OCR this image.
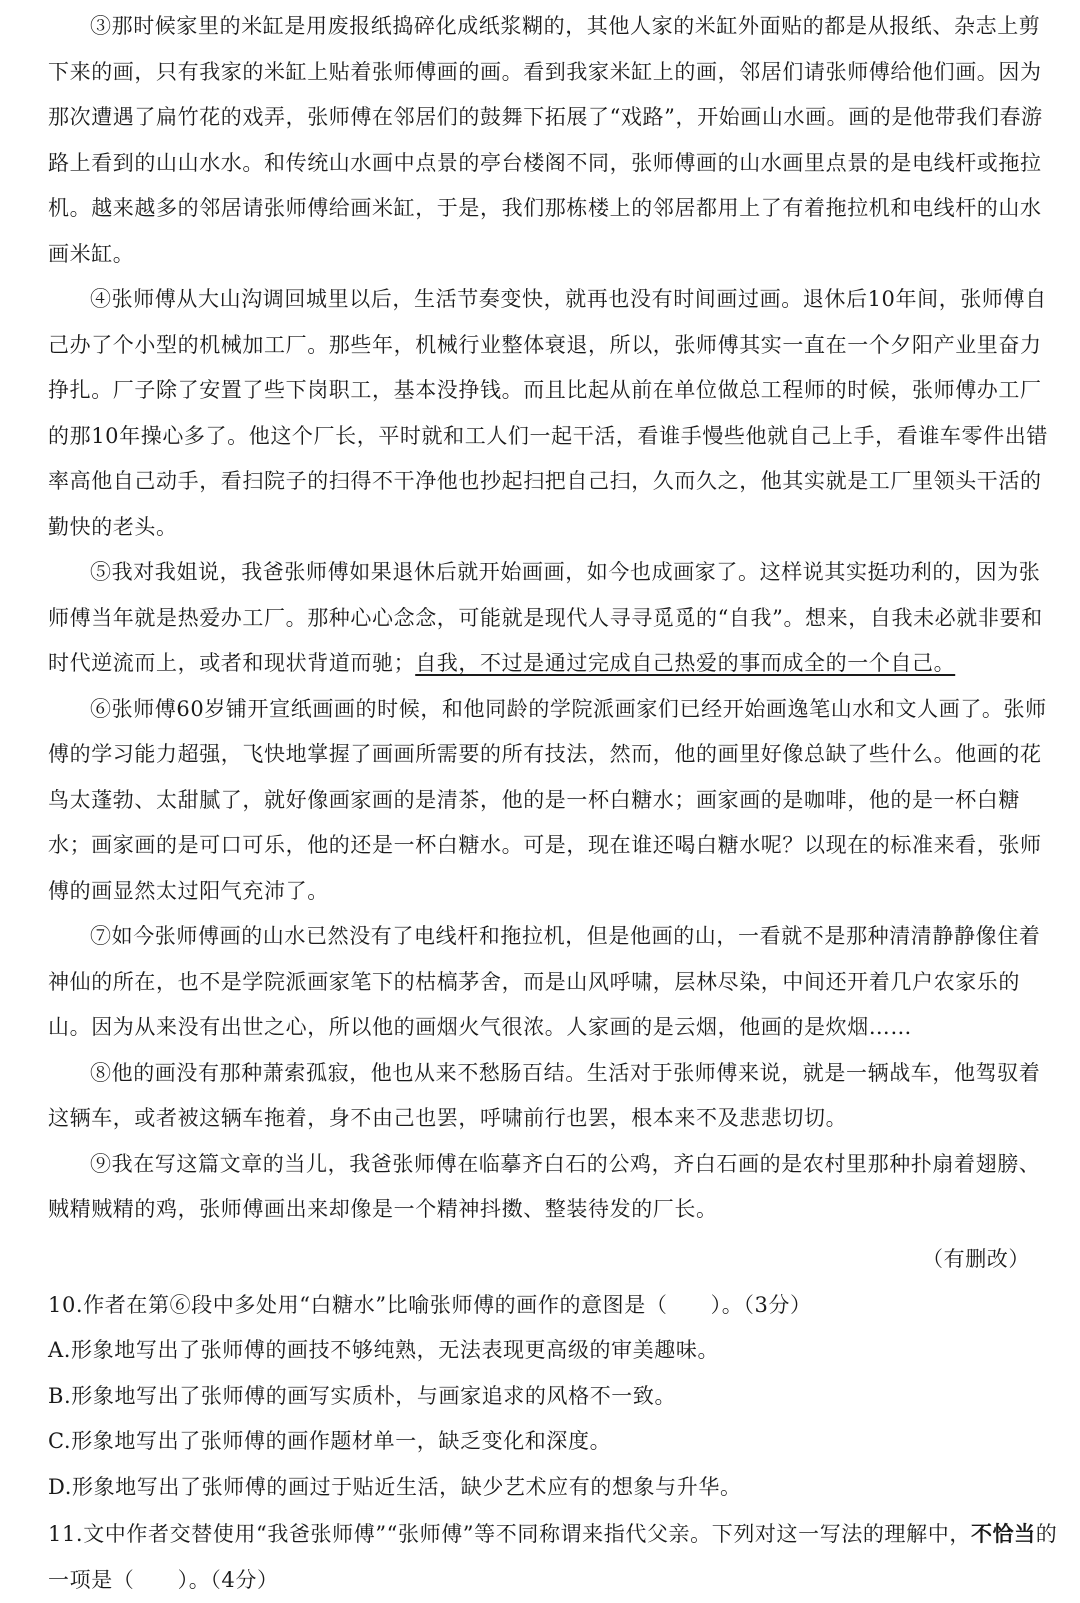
③那时候家里的米缸是用废报纸捣碎化成纸浆糊的，其他人家的米缸外面贴的都是从报纸、杂志上剪下来的画，只有我家的米缸上贴着张师傅画的画。看到我家米缸上的画，邻居们请张师傅给他们画。因为那次遭遇了扁竹花的戏弄，张师傅在邻居们的鼓舞下拓展了“戏路”，开始画山水画。画的是他带我们春游路上看到的山山水水。和传统山水画中点景的亭台楼阁不同，张师傅画的山水画里点景的是电线杆或拖拉机。越来越多的邻居请张师傅给画米缸，于是，我们那栋楼上的邻居都用上了有着拖拉机和电线杆的山水画米缸。

④张师傅从大山沟调回城里以后，生活节奏变快，就再也没有时间画过画。退休后10年间，张师傅自己办了个小型的机械加工厂。那些年，机械行业整体衰退，所以，张师傅其实一直在一个夕阳产业里奋力挣扎。厂子除了安置了些下岗职工，基本没挣钱。而且比起从前在单位做总工程师的时候，张师傅办工厂的那10年操心多了。他这个厂长，平时就和工人们一起干活，看谁手慢些他就自己上手，看谁车零件出错率高他自己动手，看扫院子的扫得不干净他也抄起扫把自己扫，久而久之，他其实就是工厂里领头干活的勤快的老头。

⑤我对我姐说，我爸张师傅如果退休后就开始画画，如今也成画家了。这样说其实挺功利的，因为张师傅当年就是热爱办工厂。那种心心念念，可能就是现代人寻寻觅觅的“自我”。想来，自我未必就非要和时代逆流而上，或者和现状背道而驰；自我，不过是通过完成自己热爱的事而成全的一个自己。

⑥张师傅60岁铺开宣纸画画的时候，和他同龄的学院派画家们已经开始画逸笔山水和文人画了。张师傅的学习能力超强，飞快地掌握了画画所需要的所有技法，然而，他的画里好像总缺了些什么。他画的花鸟太蓬勃、太甜腻了，就好像画家画的是清茶，他的是一杯白糖水；画家画的是咖啡，他的是一杯白糖水；画家画的是可口可乐，他的还是一杯白糖水。可是，现在谁还喝白糖水呢？以现在的标准来看，张师傅的画显然太过阳气充沛了。

⑦如今张师傅画的山水已然没有了电线杆和拖拉机，但是他画的山，一看就不是那种清清静静像住着神仙的所在，也不是学院派画家笔下的枯槁茅舍，而是山风呼啸，层林尽染，中间还开着几户农家乐的山。因为从来没有出世之心，所以他的画烟火气很浓。人家画的是云烟，他画的是炊烟……

⑧他的画没有那种萧索孤寂，他也从来不愁肠百结。生活对于张师傅来说，就是一辆战车，他驾驭着这辆车，或者被这辆车拖着，身不由己也罢，呼啸前行也罢，根本来不及悲悲切切。

⑨我在写这篇文章的当儿，我爸张师傅在临摹齐白石的公鸡，齐白石画的是农村里那种扑扇着翅膀、贼精贼精的鸡，张师傅画出来却像是一个精神抖擞、整装待发的厂长。

（有删改）

10.作者在第⑥段中多处用“白糖水”比喻张师傅的画作的意图是（　　）。（3分）

A.形象地写出了张师傅的画技不够纯熟，无法表现更高级的审美趣味。

B.形象地写出了张师傅的画写实质朴，与画家追求的风格不一致。

C.形象地写出了张师傅的画作题材单一，缺乏变化和深度。

D.形象地写出了张师傅的画过于贴近生活，缺少艺术应有的想象与升华。

11.文中作者交替使用“我爸张师傅”“张师傅”等不同称谓来指代父亲。下列对这一写法的理解中，不恰当的一项是（　　）。（4分）
